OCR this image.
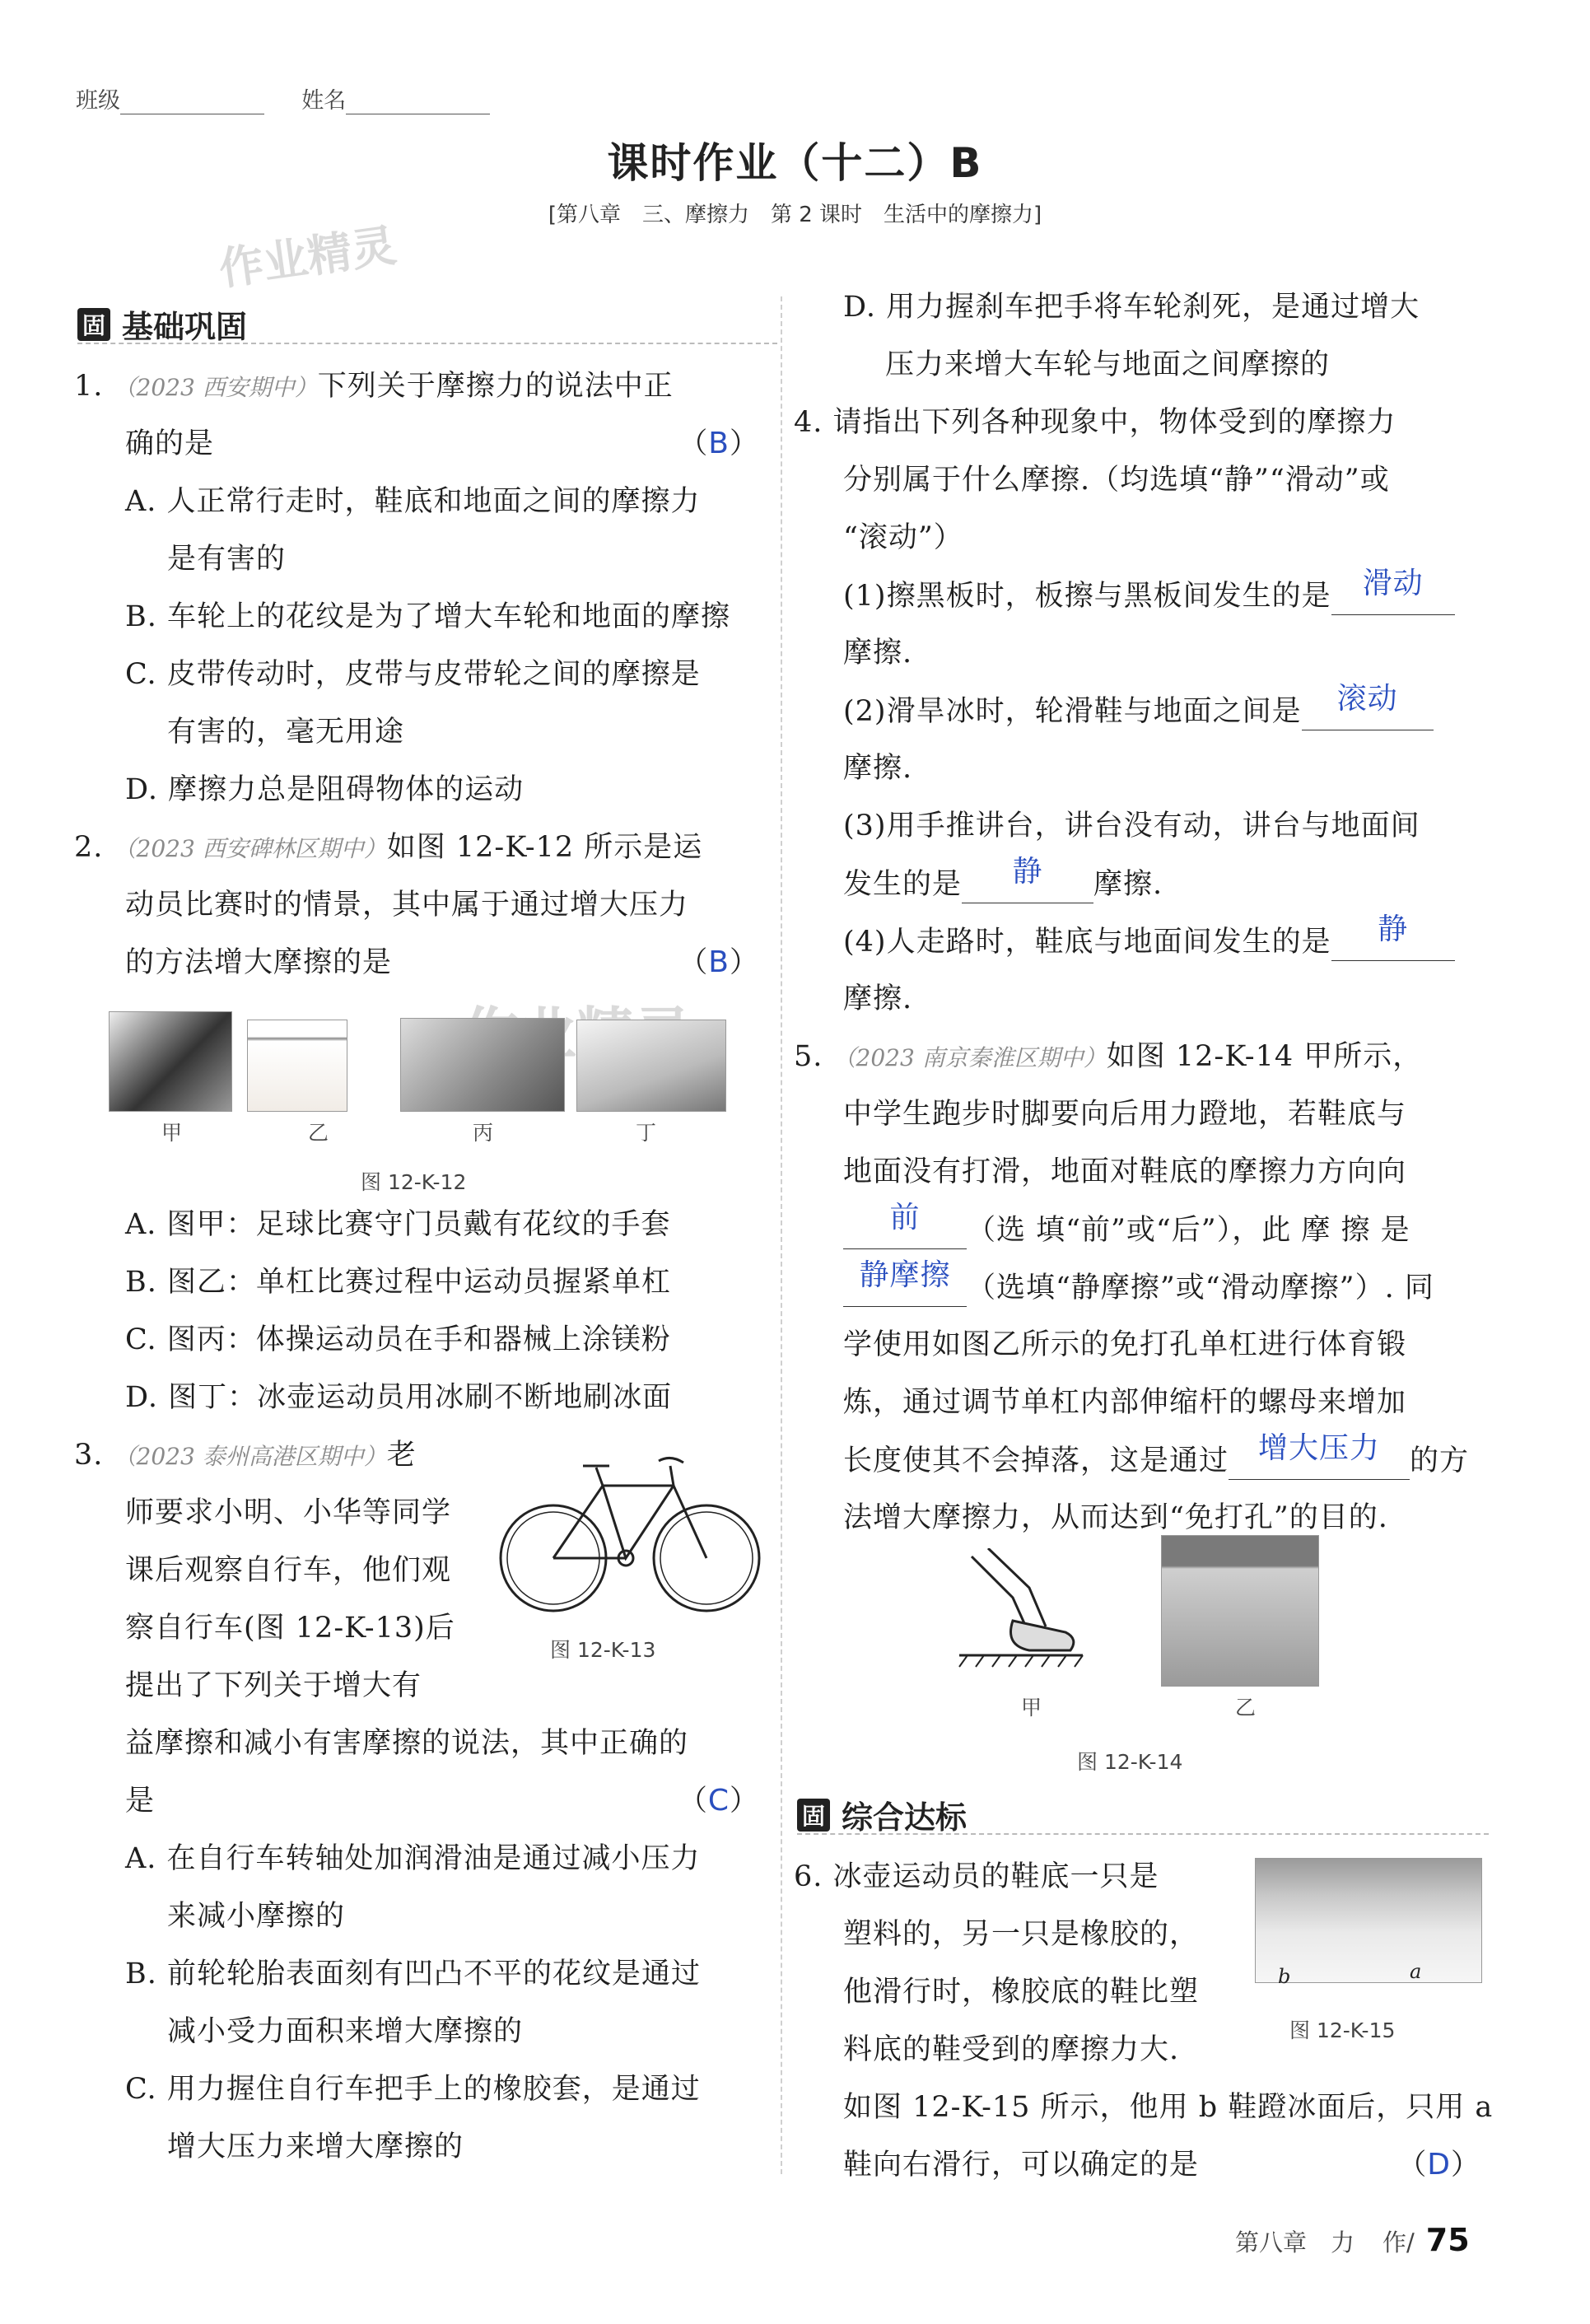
班级	姓名
课时作业（十二）B
[第八章　三、摩擦力　第 2 课时　生活中的摩擦力]
作业精灵
固 基础巩固
1. （2023 西安期中）下列关于摩擦力的说法中正
确的是	（B）
A. 人正常行走时，鞋底和地面之间的摩擦力
是有害的
B. 车轮上的花纹是为了增大车轮和地面的摩擦
C. 皮带传动时，皮带与皮带轮之间的摩擦是
有害的，毫无用途
D. 摩擦力总是阻碍物体的运动
2. （2023 西安碑林区期中）如图 12-K-12 所示是运
动员比赛时的情景，其中属于通过增大压力
的方法增大摩擦的是	（B）
甲	乙	丙	丁
图 12-K-12
A. 图甲：足球比赛守门员戴有花纹的手套
B. 图乙：单杠比赛过程中运动员握紧单杠
C. 图丙：体操运动员在手和器械上涂镁粉
D. 图丁：冰壶运动员用冰刷不断地刷冰面
3. （2023 泰州高港区期中）老
师要求小明、小华等同学
课后观察自行车，他们观
察自行车(图 12-K-13)后
提出了下列关于增大有
益摩擦和减小有害摩擦的说法，其中正确的
是	（C）
图 12-K-13
A. 在自行车转轴处加润滑油是通过减小压力
来减小摩擦的
B. 前轮轮胎表面刻有凹凸不平的花纹是通过
减小受力面积来增大摩擦的
C. 用力握住自行车把手上的橡胶套，是通过
增大压力来增大摩擦的
D. 用力握刹车把手将车轮刹死，是通过增大
压力来增大车轮与地面之间摩擦的
4. 请指出下列各种现象中，物体受到的摩擦力
分别属于什么摩擦.（均选填“静”“滑动”或
“滚动”）
(1)擦黑板时，板擦与黑板间发生的是 滑动
摩擦.
(2)滑旱冰时，轮滑鞋与地面之间是 滚动
摩擦.
(3)用手推讲台，讲台没有动，讲台与地面间
发生的是 静 摩擦.
(4)人走路时，鞋底与地面间发生的是 静
摩擦.
5. （2023 南京秦淮区期中）如图 12-K-14 甲所示，
中学生跑步时脚要向后用力蹬地，若鞋底与
地面没有打滑，地面对鞋底的摩擦力方向向
前 （选 填“前”或“后”），此 摩 擦 是
静摩擦 （选填“静摩擦”或“滑动摩擦”）. 同
学使用如图乙所示的免打孔单杠进行体育锻
炼，通过调节单杠内部伸缩杆的螺母来增加
长度使其不会掉落，这是通过 增大压力 的方
法增大摩擦力，从而达到“免打孔”的目的.
甲	乙
图 12-K-14
固 综合达标
6. 冰壶运动员的鞋底一只是
塑料的，另一只是橡胶的，
他滑行时，橡胶底的鞋比塑
料底的鞋受到的摩擦力大.
如图 12-K-15 所示，他用 b 鞋蹬冰面后，只用 a
鞋向右滑行，可以确定的是	（D）
b	a
图 12-K-15
第八章　力 作/ 75
